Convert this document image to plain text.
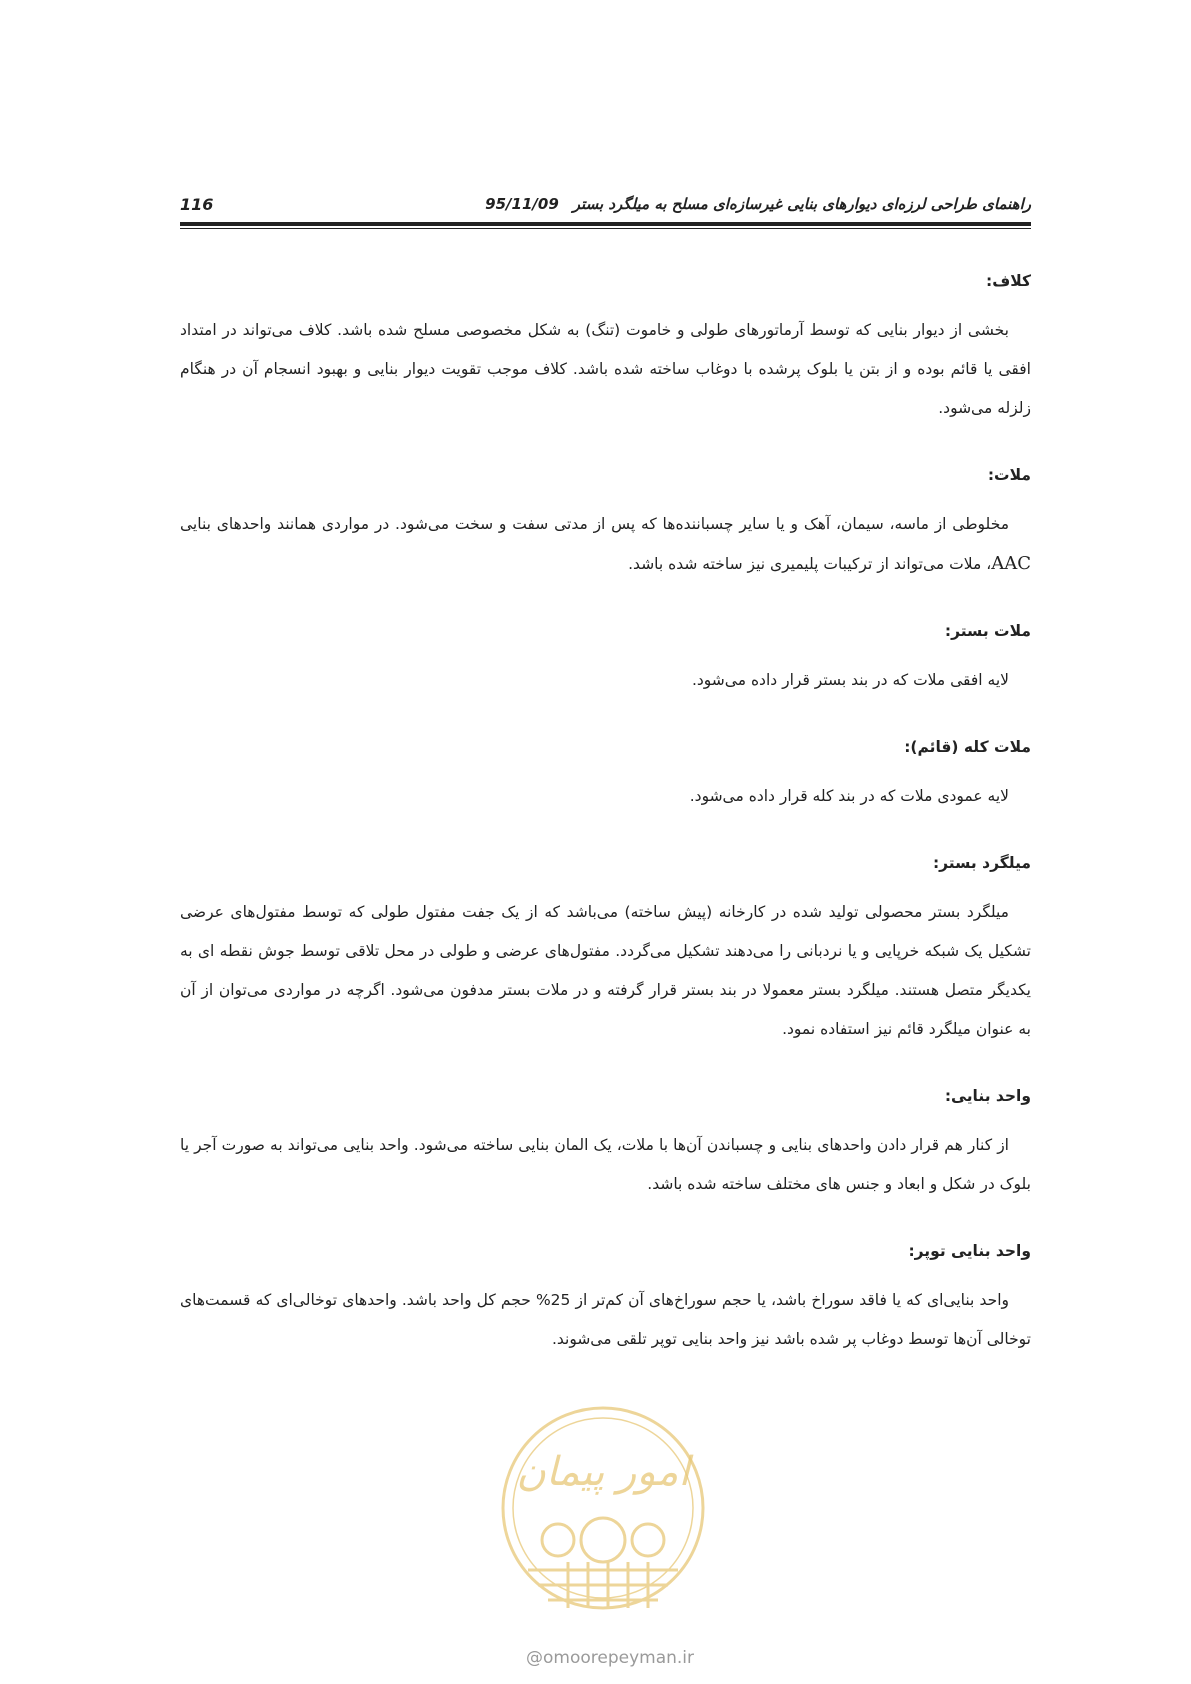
116	راهنمای طراحی لرزه‌ای دیوارهای بنایی غیرسازه‌ای مسلح به میلگرد بستر
95/11/09
کلاف:

بخشی از دیوار بنایی که توسط آرماتورهای طولی و خاموت (تنگ) به شکل مخصوصی مسلح شده باشد. کلاف می‌تواند در امتداد افقی یا قائم بوده و از بتن یا بلوک پرشده با دوغاب ساخته شده باشد. کلاف موجب تقویت دیوار بنایی و بهبود انسجام آن در هنگام زلزله می‌شود.

ملات:

مخلوطی از ماسه، سیمان، آهک و یا سایر چسباننده‌ها که پس از مدتی سفت و سخت می‌شود. در مواردی همانند واحدهای بنایی AAC، ملات می‌تواند از ترکیبات پلیمیری نیز ساخته شده باشد.

ملات بستر:

لایه افقی ملات که در بند بستر قرار داده می‌شود.

ملات کله (قائم):

لایه عمودی ملات که در بند کله قرار داده می‌شود.

میلگرد بستر:

میلگرد بستر محصولی تولید شده در کارخانه (پیش ساخته) می‌باشد که از یک جفت مفتول طولی که توسط مفتول‌های عرضی تشکیل یک شبکه خرپایی و یا نردبانی را می‌دهند تشکیل می‌گردد. مفتول‌های عرضی و طولی در محل تلاقی توسط جوش نقطه ای به یکدیگر متصل هستند. میلگرد بستر معمولا در بند بستر قرار گرفته و در ملات بستر مدفون می‌شود. اگرچه در مواردی می‌توان از آن به عنوان میلگرد قائم نیز استفاده نمود.

واحد بنایی:

از کنار هم قرار دادن واحدهای بنایی و چسباندن آن‌ها با ملات، یک المان بنایی ساخته می‌شود. واحد بنایی می‌تواند به صورت آجر یا بلوک در شکل و ابعاد و جنس های مختلف ساخته شده باشد.

واحد بنایی توپر:

واحد بنایی‌ای که یا فاقد سوراخ باشد، یا حجم سوراخ‌های آن کم‌تر از 25% حجم کل واحد باشد. واحدهای توخالی‌ای که قسمت‌های توخالی آن‌ها توسط دوغاب پر شده باشد نیز واحد بنایی توپر تلقی می‌شوند.

امور پیمان
@omoorepeyman.ir
